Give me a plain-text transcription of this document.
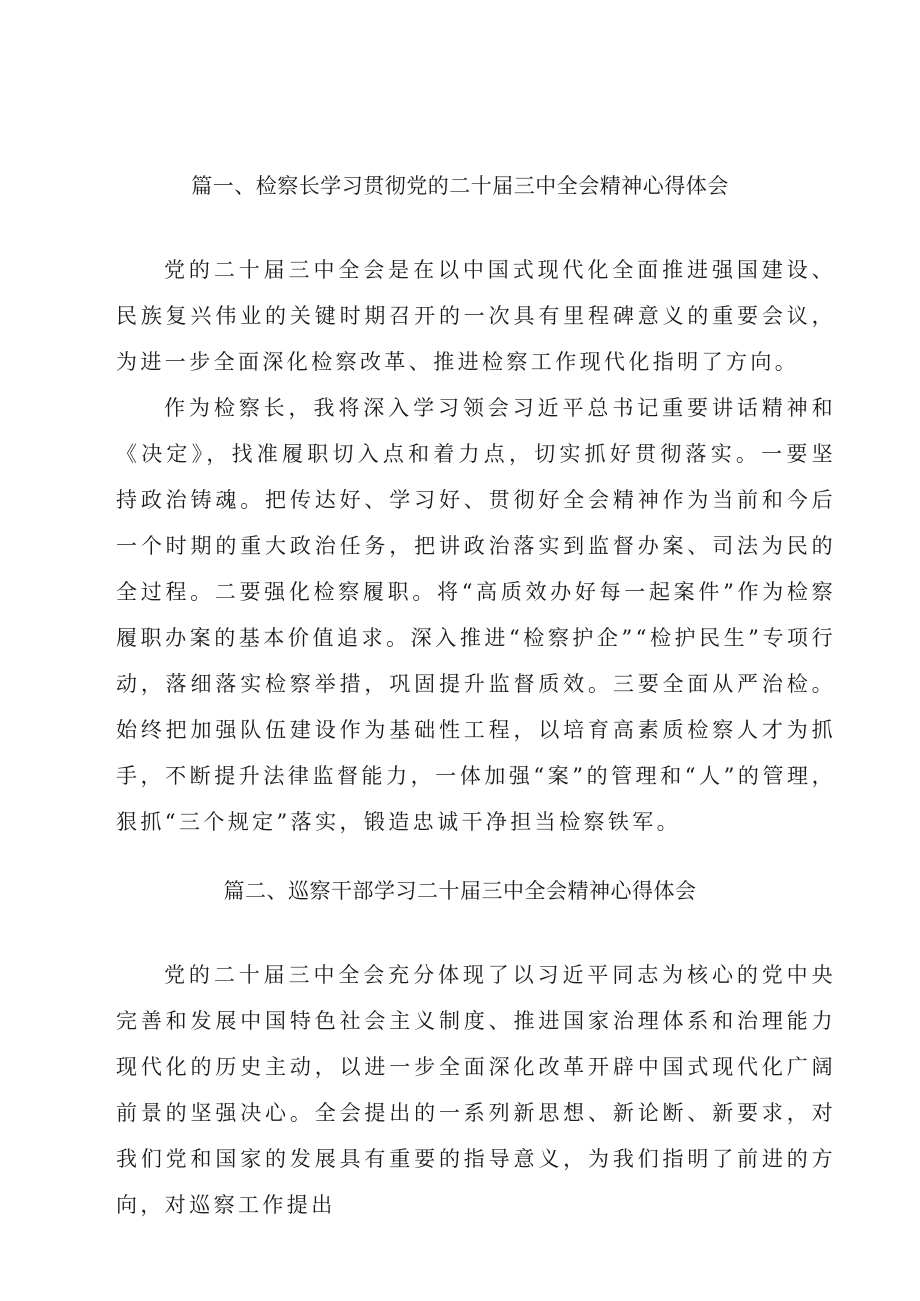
篇一、检察长学习贯彻党的二十届三中全会精神心得体会

党的二十届三中全会是在以中国式现代化全面推进强国建设、民族复兴伟业的关键时期召开的一次具有里程碑意义的重要会议，为进一步全面深化检察改革、推进检察工作现代化指明了方向。

作为检察长，我将深入学习领会习近平总书记重要讲话精神和《决定》，找准履职切入点和着力点，切实抓好贯彻落实。一要坚持政治铸魂。把传达好、学习好、贯彻好全会精神作为当前和今后一个时期的重大政治任务，把讲政治落实到监督办案、司法为民的全过程。二要强化检察履职。将“高质效办好每一起案件”作为检察履职办案的基本价值追求。深入推进“检察护企”“检护民生”专项行动，落细落实检察举措，巩固提升监督质效。三要全面从严治检。始终把加强队伍建设作为基础性工程，以培育高素质检察人才为抓手，不断提升法律监督能力，一体加强“案”的管理和“人”的管理，狠抓“三个规定”落实，锻造忠诚干净担当检察铁军。

篇二、巡察干部学习二十届三中全会精神心得体会

党的二十届三中全会充分体现了以习近平同志为核心的党中央完善和发展中国特色社会主义制度、推进国家治理体系和治理能力现代化的历史主动，以进一步全面深化改革开辟中国式现代化广阔前景的坚强决心。全会提出的一系列新思想、新论断、新要求，对我们党和国家的发展具有重要的指导意义，为我们指明了前进的方向，对巡察工作提出
